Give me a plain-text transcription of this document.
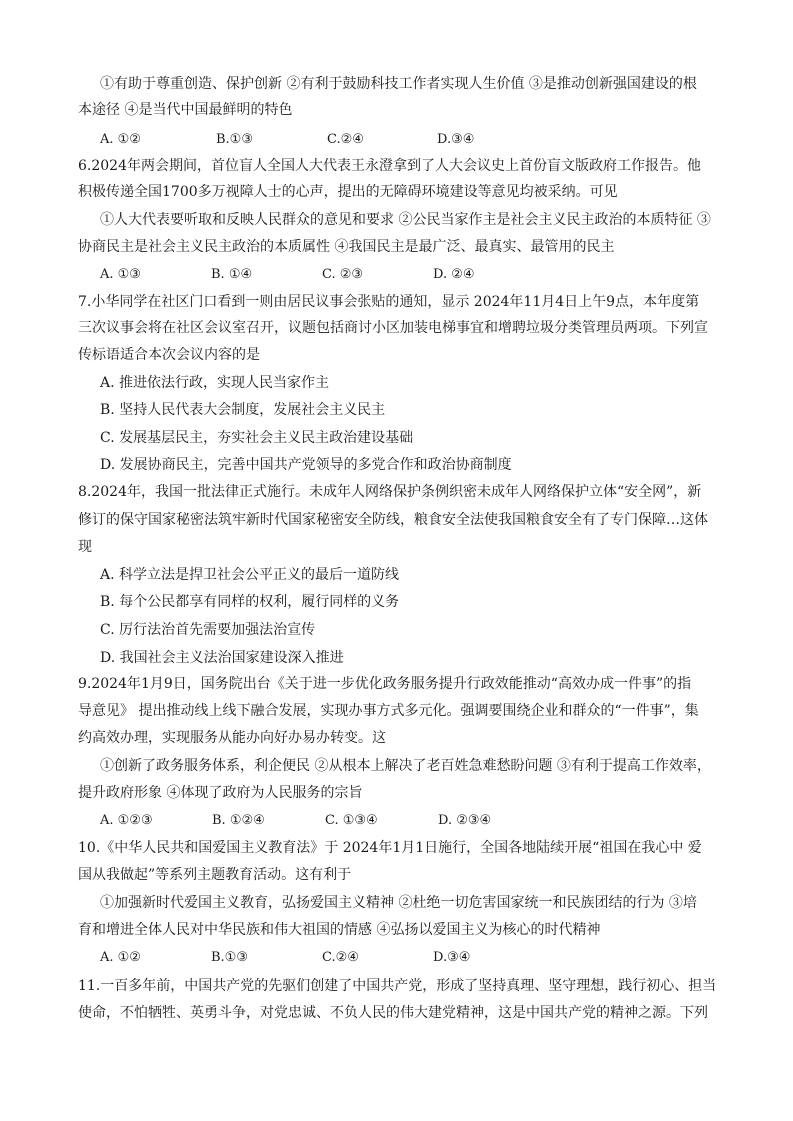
①有助于尊重创造、保护创新 ②有利于鼓励科技工作者实现人生价值 ③是推动创新强国建设的根
本途径 ④是当代中国最鲜明的特色
A. ①②	B.①③	C.②④	D.③④
6.2024年两会期间，首位盲人全国人大代表王永澄拿到了人大会议史上首份盲文版政府工作报告。他
积极传递全国1700多万视障人士的心声，提出的无障碍环境建设等意见均被采纳。可见
①人大代表要听取和反映人民群众的意见和要求 ②公民当家作主是社会主义民主政治的本质特征 ③
协商民主是社会主义民主政治的本质属性 ④我国民主是最广泛、最真实、最管用的民主
A. ①③	B. ①④	C. ②③	D. ②④
7.小华同学在社区门口看到一则由居民议事会张贴的通知，显示 2024年11月4日上午9点，本年度第
三次议事会将在社区会议室召开，议题包括商讨小区加装电梯事宜和增聘垃圾分类管理员两项。下列宣
传标语适合本次会议内容的是
A. 推进依法行政，实现人民当家作主
B. 坚持人民代表大会制度，发展社会主义民主
C. 发展基层民主，夯实社会主义民主政治建设基础
D. 发展协商民主，完善中国共产党领导的多党合作和政治协商制度
8.2024年，我国一批法律正式施行。未成年人网络保护条例织密未成年人网络保护立体“安全网”，新
修订的保守国家秘密法筑牢新时代国家秘密安全防线，粮食安全法使我国粮食安全有了专门保障…这体
现
A. 科学立法是捍卫社会公平正义的最后一道防线
B. 每个公民都享有同样的权利，履行同样的义务
C. 厉行法治首先需要加强法治宣传
D. 我国社会主义法治国家建设深入推进
9.2024年1月9日，国务院出台《关于进一步优化政务服务提升行政效能推动“高效办成一件事”的指
导意见》 提出推动线上线下融合发展，实现办事方式多元化。强调要围绕企业和群众的“一件事”，集
约高效办理，实现服务从能办向好办易办转变。这
①创新了政务服务体系，利企便民 ②从根本上解决了老百姓急难愁盼问题 ③有利于提高工作效率，
提升政府形象 ④体现了政府为人民服务的宗旨
A. ①②③	B. ①②④	C. ①③④	D. ②③④
10.《中华人民共和国爱国主义教育法》于 2024年1月1日施行，全国各地陆续开展“祖国在我心中 爱
国从我做起”等系列主题教育活动。这有利于
①加强新时代爱国主义教育，弘扬爱国主义精神 ②杜绝一切危害国家统一和民族团结的行为 ③培
育和增进全体人民对中华民族和伟大祖国的情感 ④弘扬以爱国主义为核心的时代精神
A. ①②	B.①③	C.②④	D.③④
11.一百多年前，中国共产党的先驱们创建了中国共产党，形成了坚持真理、坚守理想，践行初心、担当
使命，不怕牺牲、英勇斗争，对党忠诚、不负人民的伟大建党精神，这是中国共产党的精神之源。下列
